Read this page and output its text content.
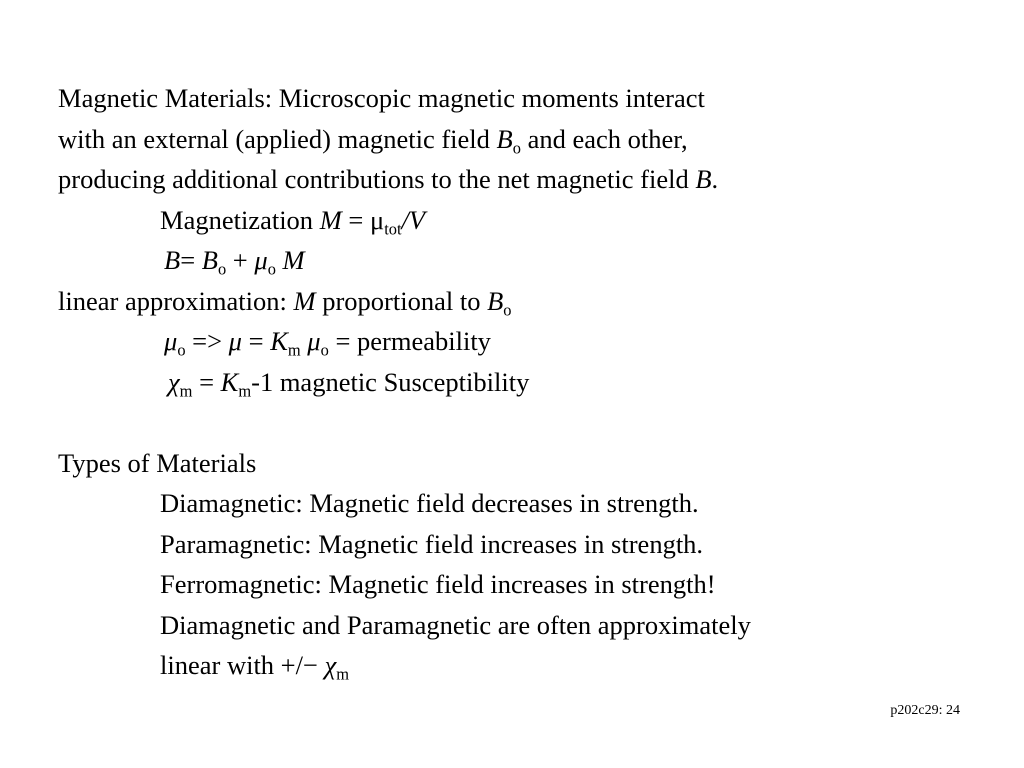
Magnetic Materials: Microscopic magnetic moments interact
with an external (applied) magnetic field $B_o$ and each other,
producing additional contributions to the net magnetic field B.
Magnetization $M = \mu_{tot}/V$
$B= B_o + \mu_o$ M
linear approximation: M proportional to $B_o$
$\mu_o => \mu = K_m$ $\mu_o$ = permeability
$\chi_m = K_m-1$ magnetic Susceptibility
Types of Materials
Diamagnetic: Magnetic field decreases in strength.
Paramagnetic: Magnetic field increases in strength.
Ferromagnetic: Magnetic field increases in strength!
Diamagnetic and Paramagnetic are often approximately
linear with +/− $\chi_m$
p202c29: 24
